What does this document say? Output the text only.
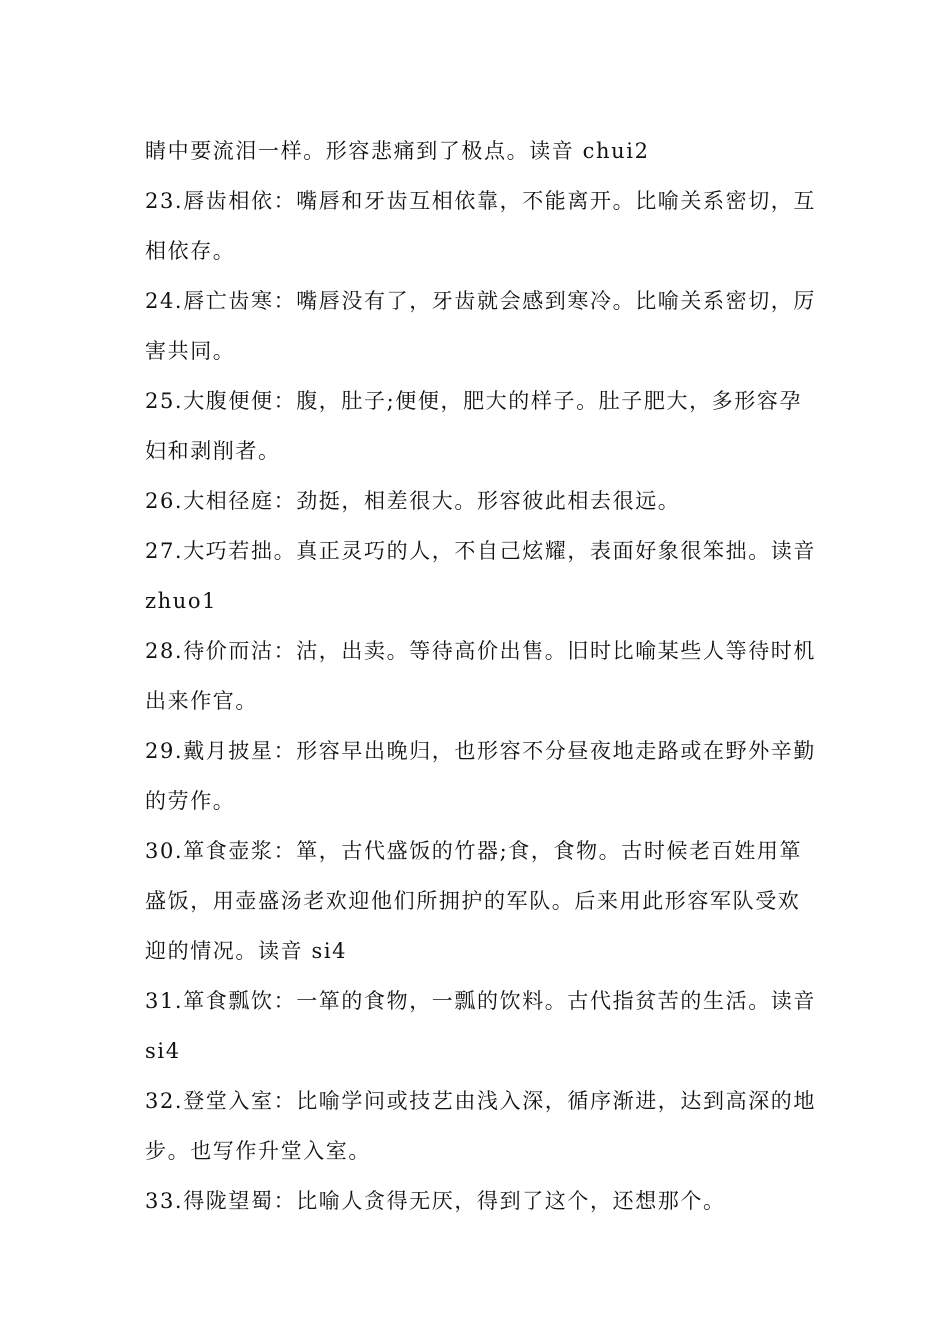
睛中要流泪一样。形容悲痛到了极点。读音 chui2
23.唇齿相依：嘴唇和牙齿互相依靠，不能离开。比喻关系密切，互
相依存。
24.唇亡齿寒：嘴唇没有了，牙齿就会感到寒冷。比喻关系密切，厉
害共同。
25.大腹便便：腹，肚子;便便，肥大的样子。肚子肥大，多形容孕
妇和剥削者。
26.大相径庭：劲挺，相差很大。形容彼此相去很远。
27.大巧若拙。真正灵巧的人，不自己炫耀，表面好象很笨拙。读音
zhuo1
28.待价而沽：沽，出卖。等待高价出售。旧时比喻某些人等待时机
出来作官。
29.戴月披星：形容早出晚归，也形容不分昼夜地走路或在野外辛勤
的劳作。
30.箪食壶浆：箪，古代盛饭的竹器;食，食物。古时候老百姓用箪
盛饭，用壶盛汤老欢迎他们所拥护的军队。后来用此形容军队受欢
迎的情况。读音 si4
31.箪食瓢饮：一箪的食物，一瓢的饮料。古代指贫苦的生活。读音
si4
32.登堂入室：比喻学问或技艺由浅入深，循序渐进，达到高深的地
步。也写作升堂入室。
33.得陇望蜀：比喻人贪得无厌，得到了这个，还想那个。
